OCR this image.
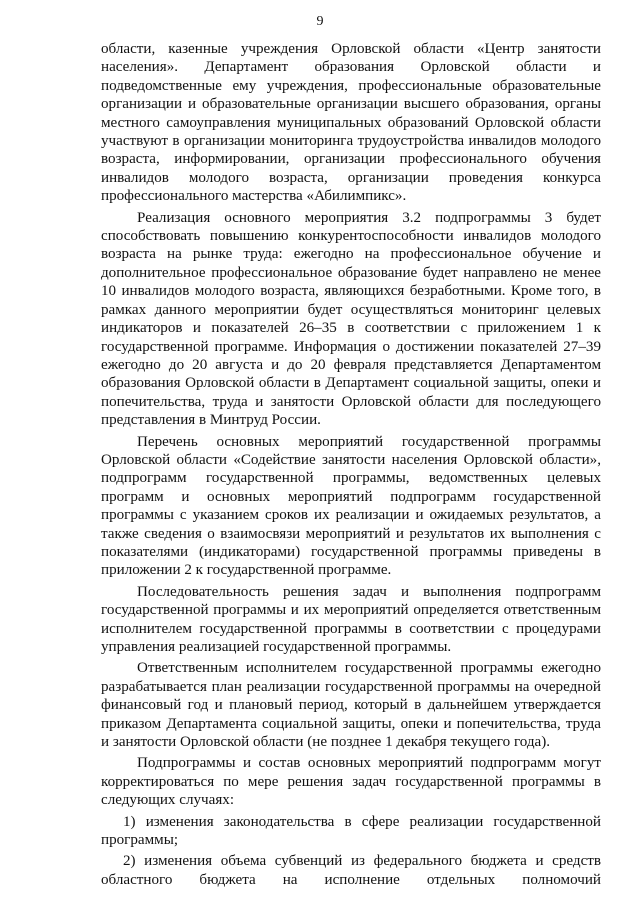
9

области, казенные учреждения Орловской области «Центр занятости населения». Департамент образования Орловской области и подведомственные ему учреждения, профессиональные образовательные организации и образовательные организации высшего образования, органы местного самоуправления муниципальных образований Орловской области участвуют в организации мониторинга трудоустройства инвалидов молодого возраста, информировании, организации профессионального обучения инвалидов молодого возраста, организации проведения конкурса профессионального мастерства «Абилимпикс».

Реализация основного мероприятия 3.2 подпрограммы 3 будет способствовать повышению конкурентоспособности инвалидов молодого возраста на рынке труда: ежегодно на профессиональное обучение и дополнительное профессиональное образование будет направлено не менее 10 инвалидов молодого возраста, являющихся безработными. Кроме того, в рамках данного мероприятии будет осуществляться мониторинг целевых индикаторов и показателей 26–35 в соответствии с приложением 1 к государственной программе. Информация о достижении показателей 27–39 ежегодно до 20 августа и до 20 февраля представляется Департаментом образования Орловской области в Департамент социальной защиты, опеки и попечительства, труда и занятости Орловской области для последующего представления в Минтруд России.

Перечень основных мероприятий государственной программы Орловской области «Содействие занятости населения Орловской области», подпрограмм государственной программы, ведомственных целевых программ и основных мероприятий подпрограмм государственной программы с указанием сроков их реализации и ожидаемых результатов, а также сведения о взаимосвязи мероприятий и результатов их выполнения с показателями (индикаторами) государственной программы приведены в приложении 2 к государственной программе.

Последовательность решения задач и выполнения подпрограмм государственной программы и их мероприятий определяется ответственным исполнителем государственной программы в соответствии с процедурами управления реализацией государственной программы.

Ответственным исполнителем государственной программы ежегодно разрабатывается план реализации государственной программы на очередной финансовый год и плановый период, который в дальнейшем утверждается приказом Департамента социальной защиты, опеки и попечительства, труда и занятости Орловской области (не позднее 1 декабря текущего года).

Подпрограммы и состав основных мероприятий подпрограмм могут корректироваться по мере решения задач государственной программы в следующих случаях:

1) изменения законодательства в сфере реализации государственной программы;

2) изменения объема субвенций из федерального бюджета и средств областного бюджета на исполнение отдельных полномочий
